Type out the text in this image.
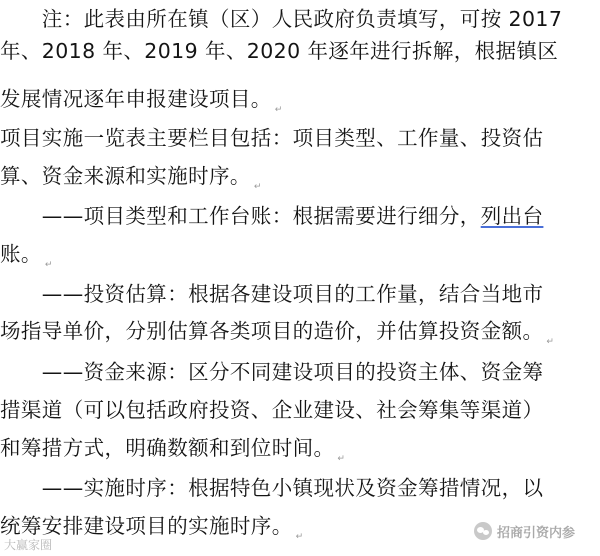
　　注：此表由所在镇（区）人民政府负责填写，可按 2017
年、2018 年、2019 年、2020 年逐年进行拆解，根据镇区
发展情况逐年申报建设项目。 ↵
项目实施一览表主要栏目包括：项目类型、工作量、投资估
算、资金来源和实施时序。 ↵
　　——项目类型和工作台账：根据需要进行细分，列出台
账。 ↵
　　——投资估算：根据各建设项目的工作量，结合当地市
场指导单价，分别估算各类项目的造价，并估算投资金额。 ↵
　　——资金来源：区分不同建设项目的投资主体、资金筹
措渠道（可以包括政府投资、企业建设、社会筹集等渠道）
和筹措方式，明确数额和到位时间。 ↵
　　——实施时序：根据特色小镇现状及资金筹措情况，以
统筹安排建设项目的实施时序。 ↵
大赢家圈
招商引资内参
